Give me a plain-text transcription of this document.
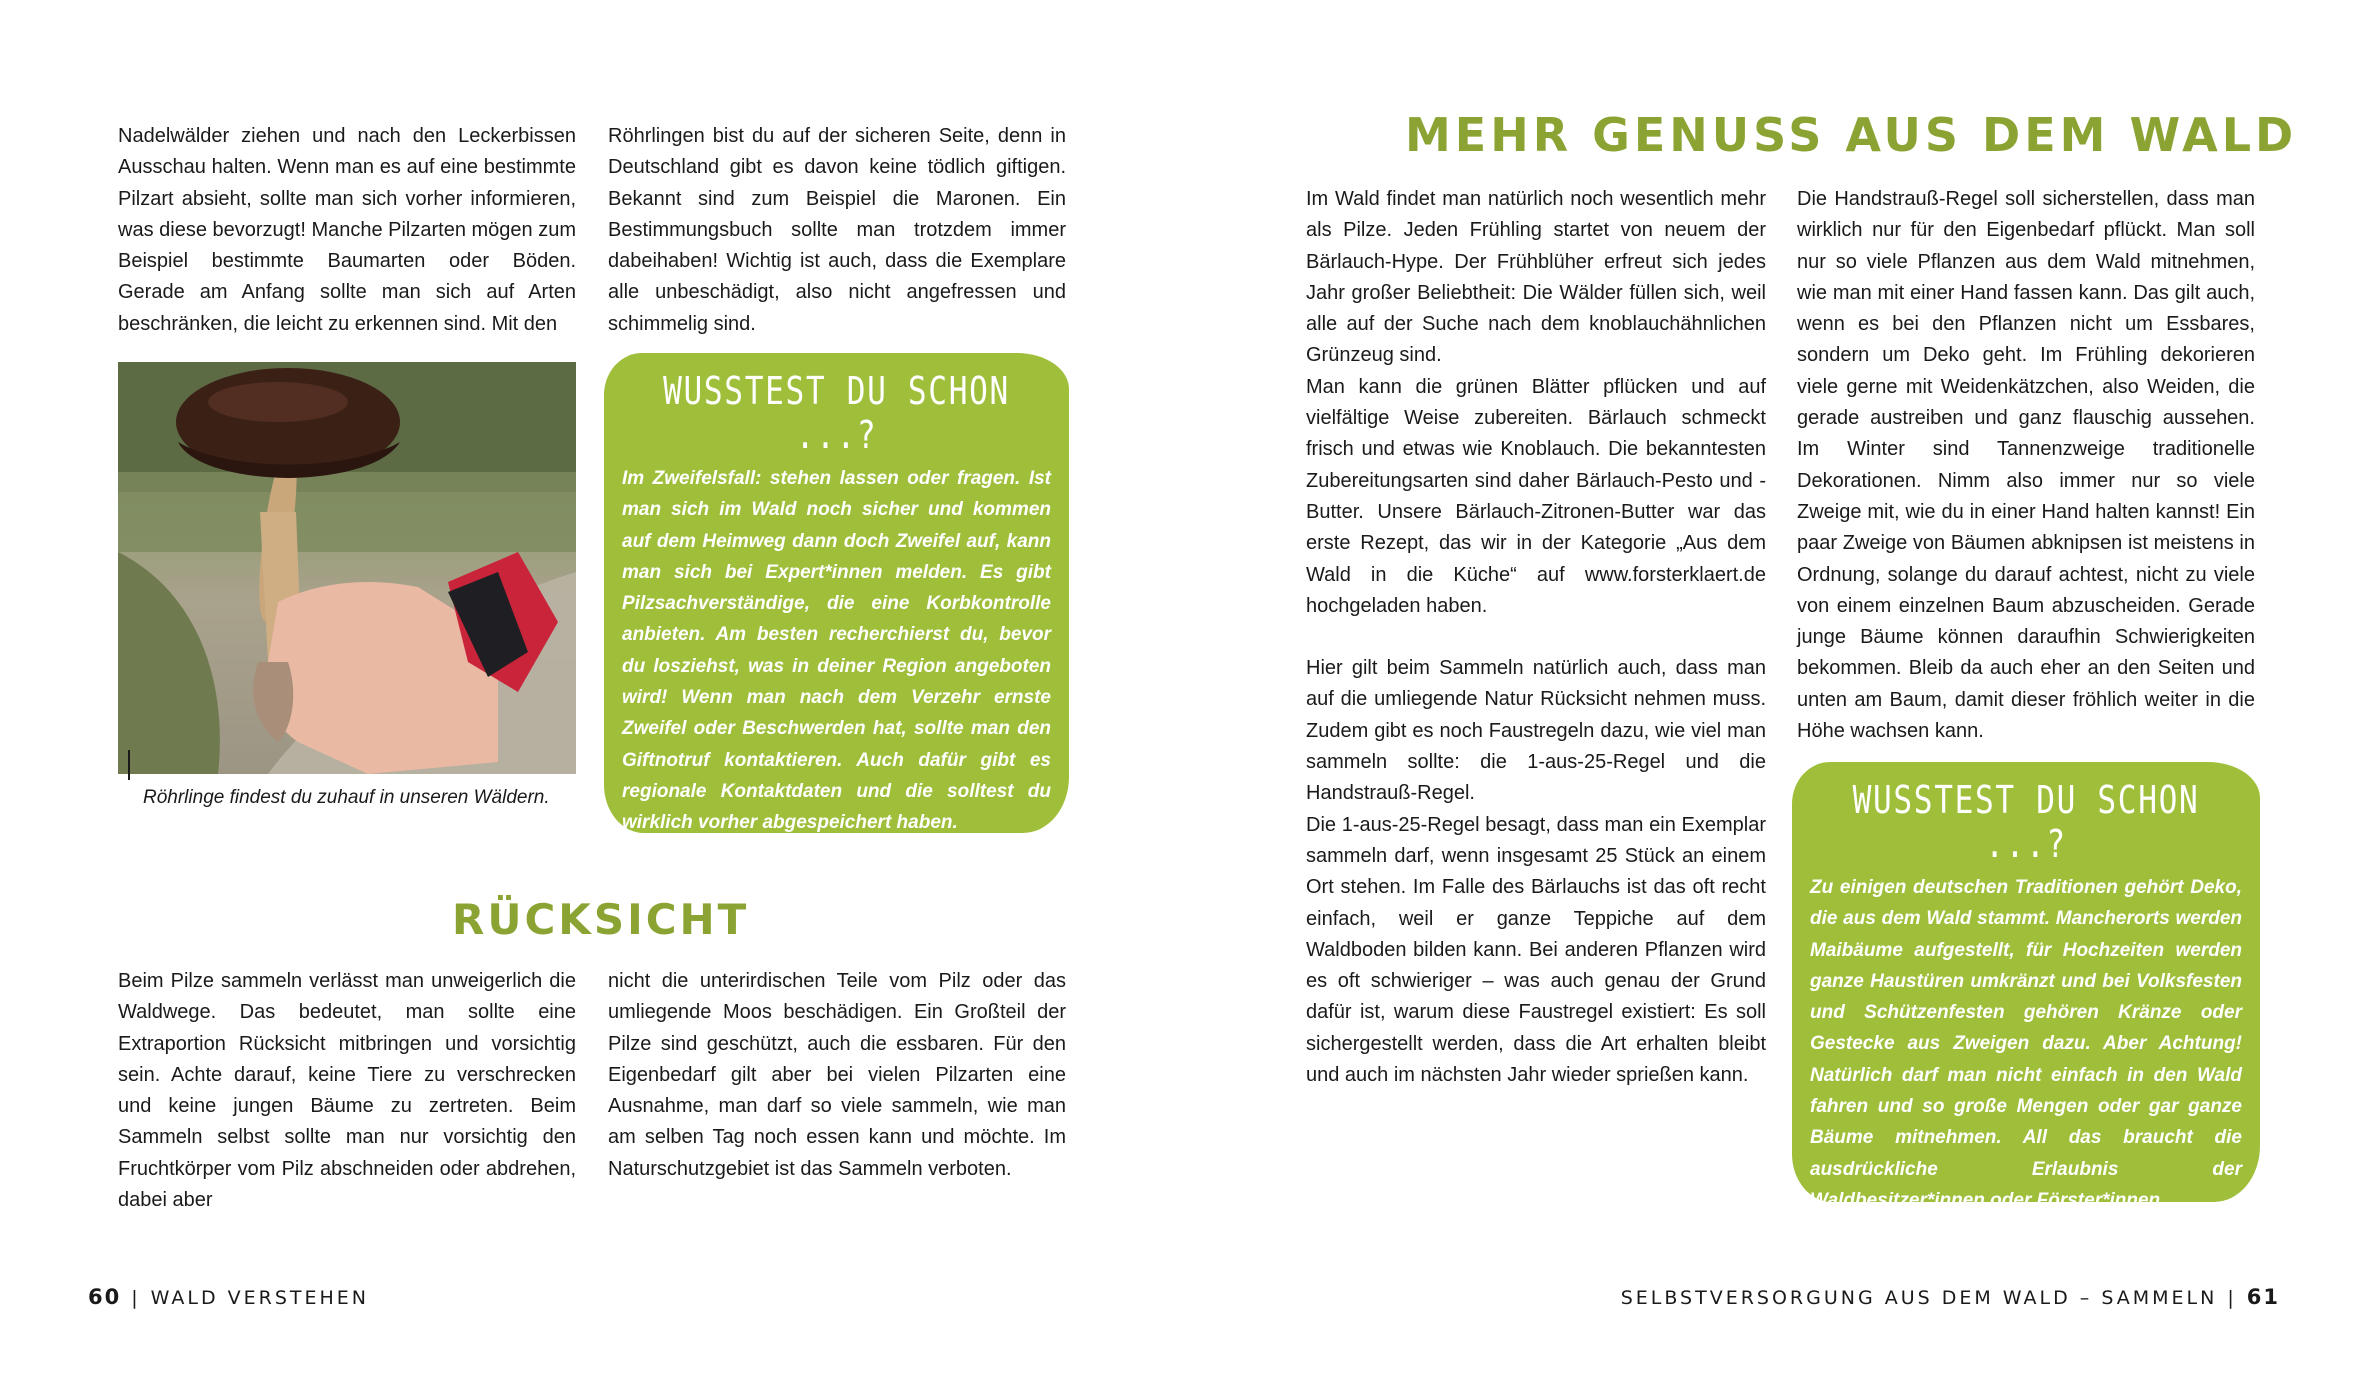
Nadelwälder ziehen und nach den Leckerbissen Ausschau halten. Wenn man es auf eine bestimmte Pilzart absieht, sollte man sich vorher informieren, was diese bevorzugt! Manche Pilzarten mögen zum Beispiel bestimmte Baumarten oder Böden. Gerade am Anfang sollte man sich auf Arten beschränken, die leicht zu erkennen sind. Mit den

Röhrlingen bist du auf der sicheren Seite, denn in Deutschland gibt es davon keine tödlich giftigen. Bekannt sind zum Beispiel die Maronen. Ein Bestimmungsbuch sollte man trotzdem immer dabeihaben! Wichtig ist auch, dass die Exemplare alle unbeschädigt, also nicht angefressen und schimmelig sind.

Röhrlinge findest du zuhauf in unseren Wäldern.
WUSSTEST DU SCHON ...?
Im Zweifelsfall: stehen lassen oder fragen. Ist man sich im Wald noch sicher und kommen auf dem Heimweg dann doch Zweifel auf, kann man sich bei Expert*innen melden. Es gibt Pilzsachverständige, die eine Korbkontrolle anbieten. Am besten recherchierst du, bevor du losziehst, was in deiner Region angeboten wird! Wenn man nach dem Verzehr ernste Zweifel oder Beschwerden hat, sollte man den Giftnotruf kontaktieren. Auch dafür gibt es regionale Kontaktdaten und die solltest du wirklich vorher abgespeichert haben.
RÜCKSICHT

Beim Pilze sammeln verlässt man unweigerlich die Waldwege. Das bedeutet, man sollte eine Extraportion Rücksicht mitbringen und vorsichtig sein. Achte darauf, keine Tiere zu verschrecken und keine jungen Bäume zu zertreten. Beim Sammeln selbst sollte man nur vorsichtig den Fruchtkörper vom Pilz abschneiden oder abdrehen, dabei aber

nicht die unterirdischen Teile vom Pilz oder das umliegende Moos beschädigen. Ein Großteil der Pilze sind geschützt, auch die essbaren. Für den Eigenbedarf gilt aber bei vielen Pilzarten eine Ausnahme, man darf so viele sammeln, wie man am selben Tag noch essen kann und möchte. Im Naturschutzgebiet ist das Sammeln verboten.

60 | WALD VERSTEHEN
MEHR GENUSS AUS DEM WALD

Im Wald findet man natürlich noch wesentlich mehr als Pilze. Jeden Frühling startet von neuem der Bärlauch-Hype. Der Frühblüher erfreut sich jedes Jahr großer Beliebtheit: Die Wälder füllen sich, weil alle auf der Suche nach dem knoblauchähnlichen Grünzeug sind.

Man kann die grünen Blätter pflücken und auf vielfältige Weise zubereiten. Bärlauch schmeckt frisch und etwas wie Knoblauch. Die bekanntesten Zubereitungsarten sind daher Bärlauch-Pesto und -Butter. Unsere Bärlauch-Zitronen-Butter war das erste Rezept, das wir in der Kategorie „Aus dem Wald in die Küche“ auf www.forsterklaert.de hochgeladen haben.

Hier gilt beim Sammeln natürlich auch, dass man auf die umliegende Natur Rücksicht nehmen muss. Zudem gibt es noch Faustregeln dazu, wie viel man sammeln sollte: die 1-aus-25-Regel und die Handstrauß-Regel.

Die 1-aus-25-Regel besagt, dass man ein Exemplar sammeln darf, wenn insgesamt 25 Stück an einem Ort stehen. Im Falle des Bärlauchs ist das oft recht einfach, weil er ganze Teppiche auf dem Waldboden bilden kann. Bei anderen Pflanzen wird es oft schwieriger – was auch genau der Grund dafür ist, warum diese Faustregel existiert: Es soll sichergestellt werden, dass die Art erhalten bleibt und auch im nächsten Jahr wieder sprießen kann.

Die Handstrauß-Regel soll sicherstellen, dass man wirklich nur für den Eigenbedarf pflückt. Man soll nur so viele Pflanzen aus dem Wald mitnehmen, wie man mit einer Hand fassen kann. Das gilt auch, wenn es bei den Pflanzen nicht um Essbares, sondern um Deko geht. Im Frühling dekorieren viele gerne mit Weidenkätzchen, also Weiden, die gerade austreiben und ganz flauschig aussehen. Im Winter sind Tannenzweige traditionelle Dekorationen. Nimm also immer nur so viele Zweige mit, wie du in einer Hand halten kannst! Ein paar Zweige von Bäumen abknipsen ist meistens in Ordnung, solange du darauf achtest, nicht zu viele von einem einzelnen Baum abzuscheiden. Gerade junge Bäume können daraufhin Schwierigkeiten bekommen. Bleib da auch eher an den Seiten und unten am Baum, damit dieser fröhlich weiter in die Höhe wachsen kann.

WUSSTEST DU SCHON ...?
Zu einigen deutschen Traditionen gehört Deko, die aus dem Wald stammt. Mancherorts werden Maibäume aufgestellt, für Hochzeiten werden ganze Haustüren umkränzt und bei Volksfesten und Schützenfesten gehören Kränze oder Gestecke aus Zweigen dazu. Aber Achtung! Natürlich darf man nicht einfach in den Wald fahren und so große Mengen oder gar ganze Bäume mitnehmen. All das braucht die ausdrückliche Erlaubnis der Waldbesitzer*innen oder Förster*innen.
SELBSTVERSORGUNG AUS DEM WALD – SAMMELN | 61
